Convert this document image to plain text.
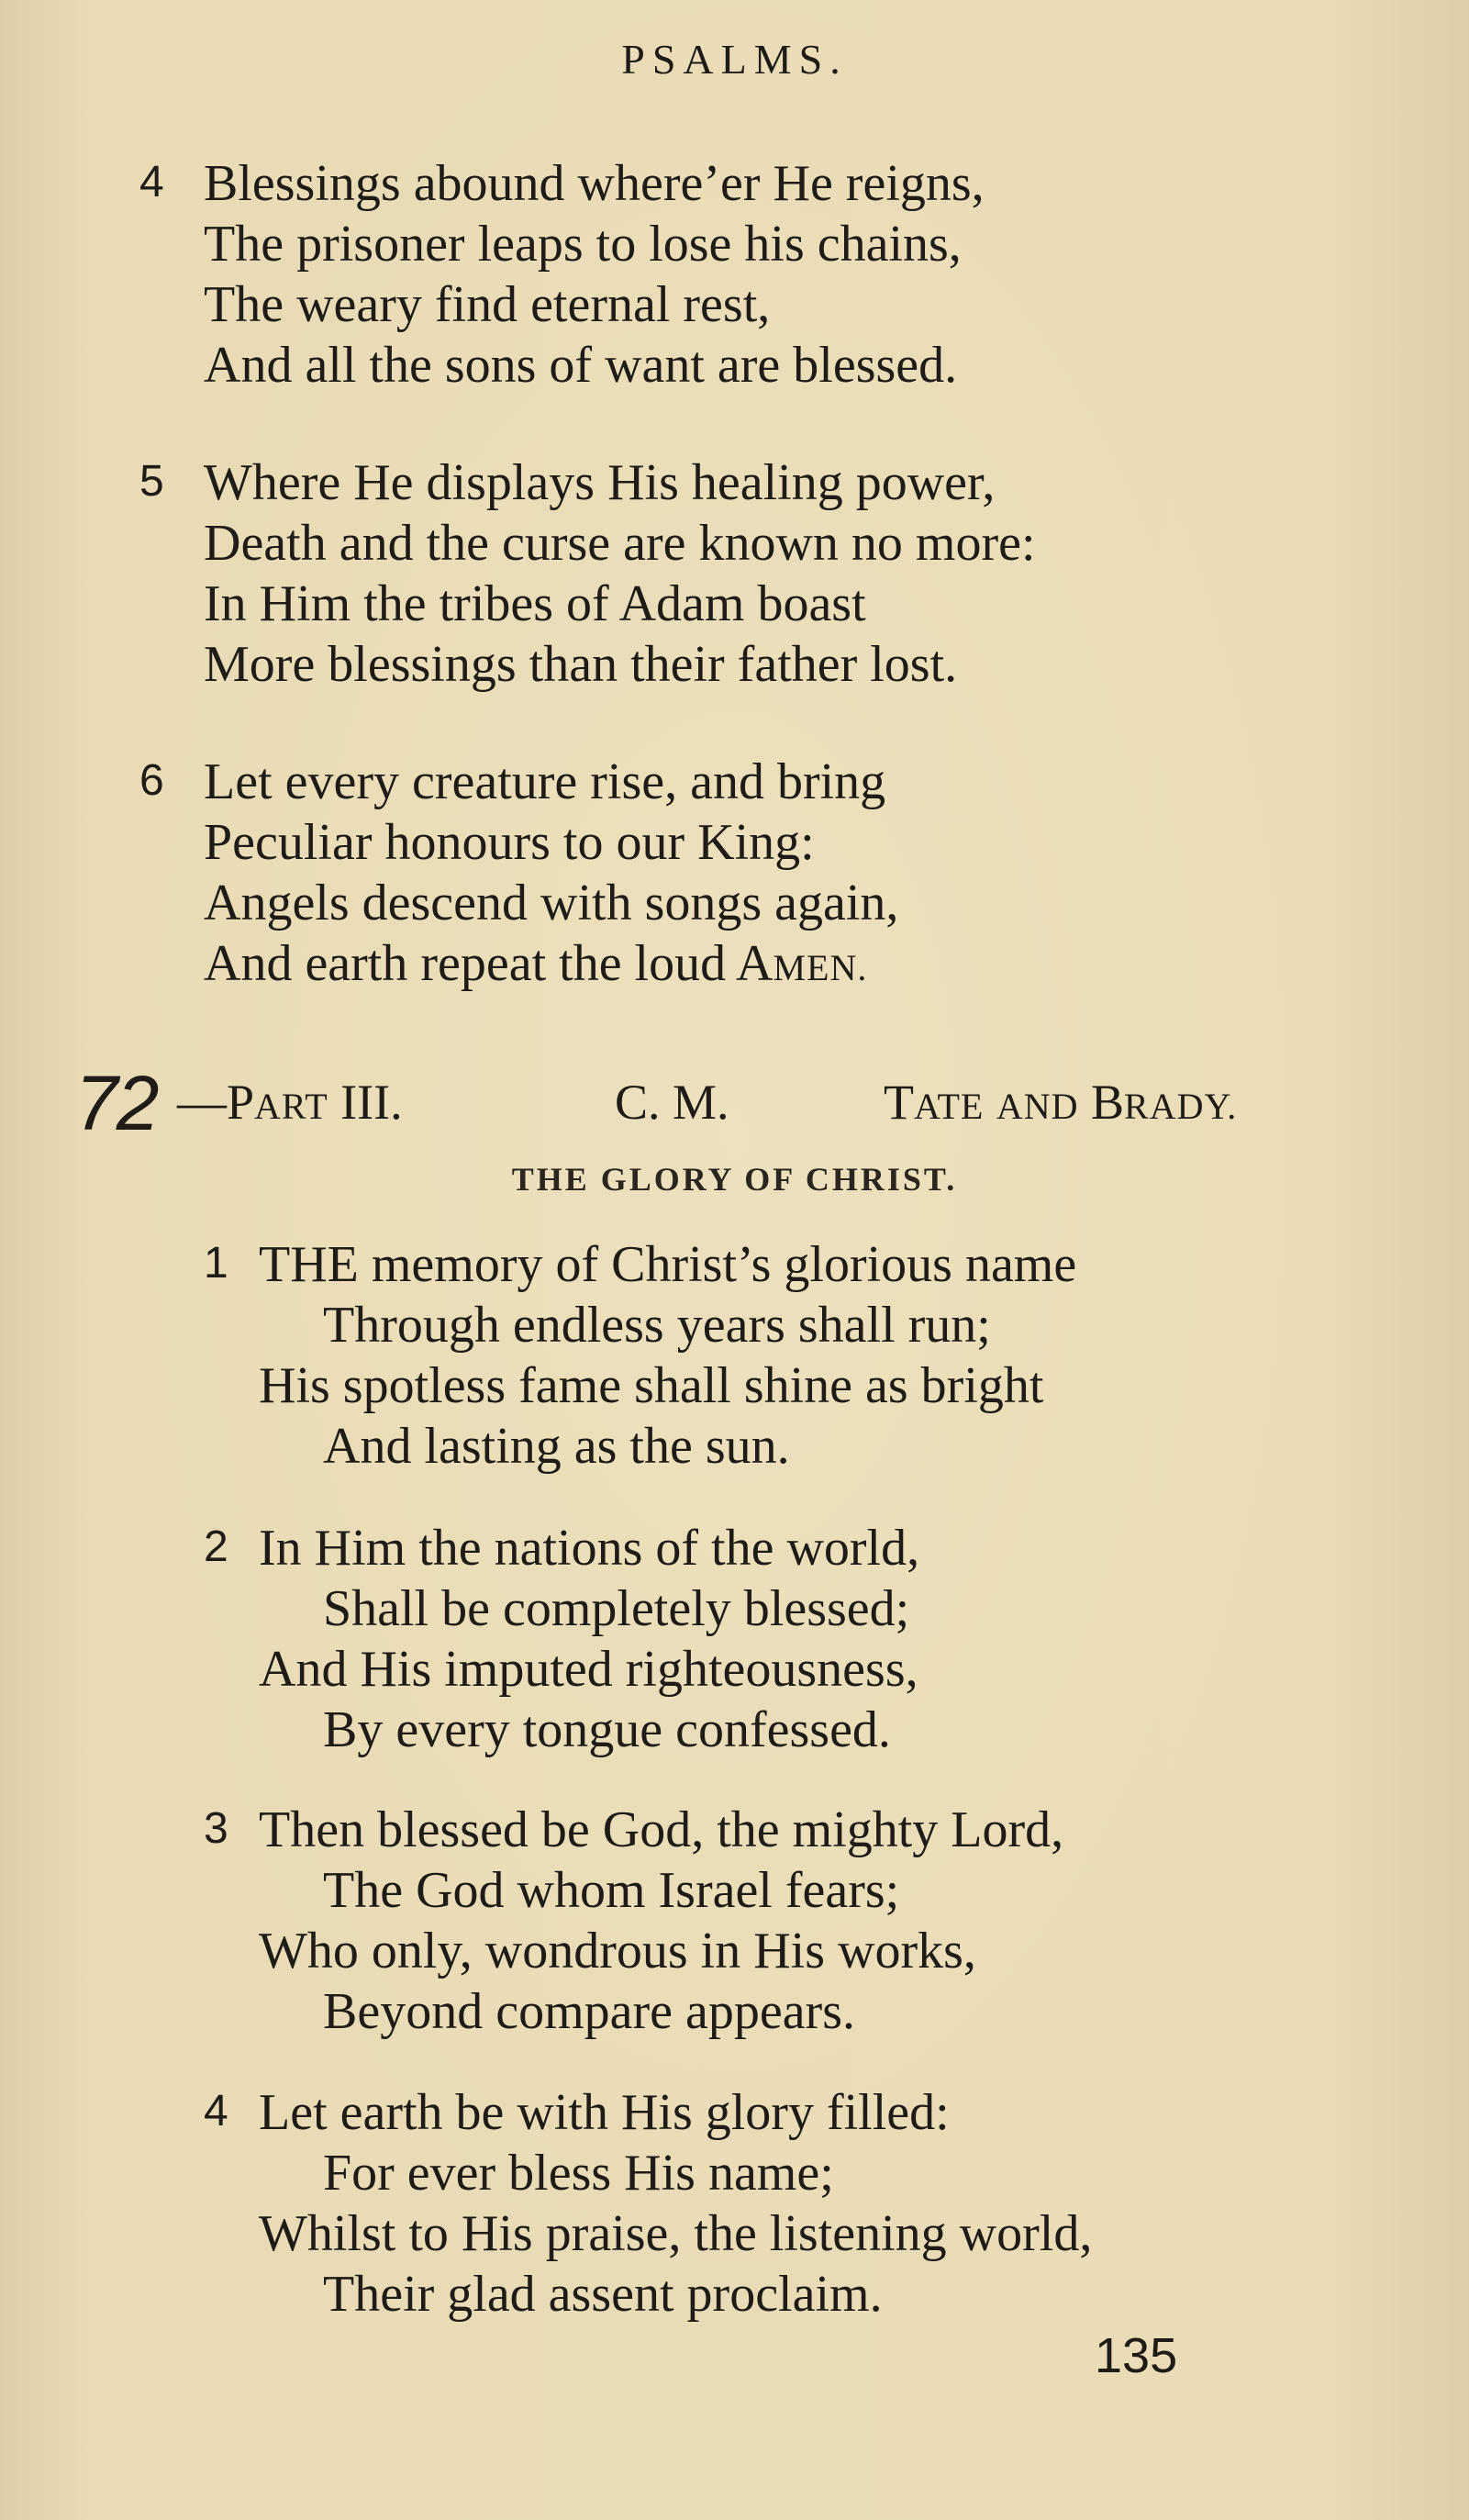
PSALMS.
4 Blessings abound where’er He reigns,
The prisoner leaps to lose his chains,
The weary find eternal rest,
And all the sons of want are blessed.
5 Where He displays His healing power,
Death and the curse are known no more:
In Him the tribes of Adam boast
More blessings than their father lost.
6 Let every creature rise, and bring
Peculiar honours to our King:
Angels descend with songs again,
And earth repeat the loud AMEN.
72 —PART III.	C. M.	TATE AND BRADY.
THE GLORY OF CHRIST.
1 THE memory of Christ’s glorious name
Through endless years shall run;
His spotless fame shall shine as bright
And lasting as the sun.
2 In Him the nations of the world,
Shall be completely blessed;
And His imputed righteousness,
By every tongue confessed.
3 Then blessed be God, the mighty Lord,
The God whom Israel fears;
Who only, wondrous in His works,
Beyond compare appears.
4 Let earth be with His glory filled:
For ever bless His name;
Whilst to His praise, the listening world,
Their glad assent proclaim.
135
